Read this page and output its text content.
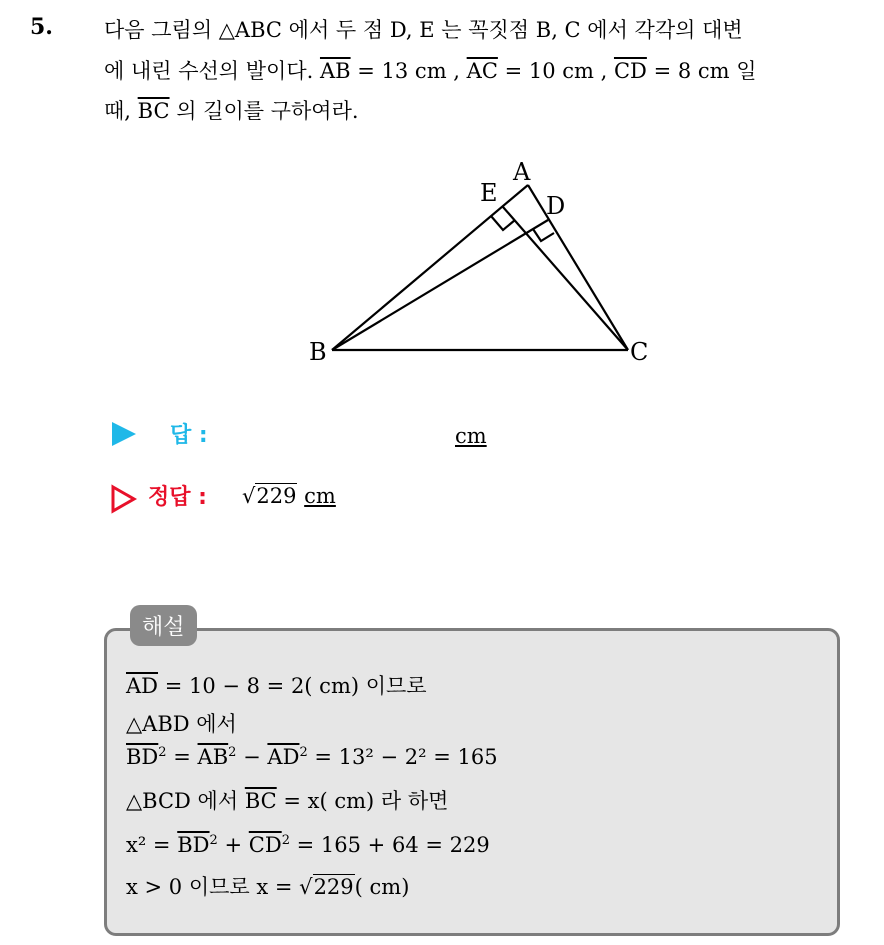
5. 다음 그림의 △ABC 에서 두 점 D, E 는 꼭짓점 B, C 에서 각각의 대변
에 내린 수선의 발이다. $\overline{AB} = 13$ cm , $\overline{AC} = 10$ cm , $\overline{CD} = 8$ cm 일
때, $\overline{BC}$ 의 길이를 구하여라.
A
E D
B	C
답 :	cm
정답 : √229 cm
해설
$\overline{AD} = 10 - 8 = 2$( cm) 이므로
△ABD 에서
$\overline{BD}^2 = \overline{AB}^2 - \overline{AD}^2 = 13^2 - 2^2 = 165$
△BCD 에서 $\overline{BC} = x$( cm) 라 하면
$x^2 = \overline{BD}^2 + \overline{CD}^2 = 165 + 64 = 229$
x > 0 이므로 x = √229( cm)
